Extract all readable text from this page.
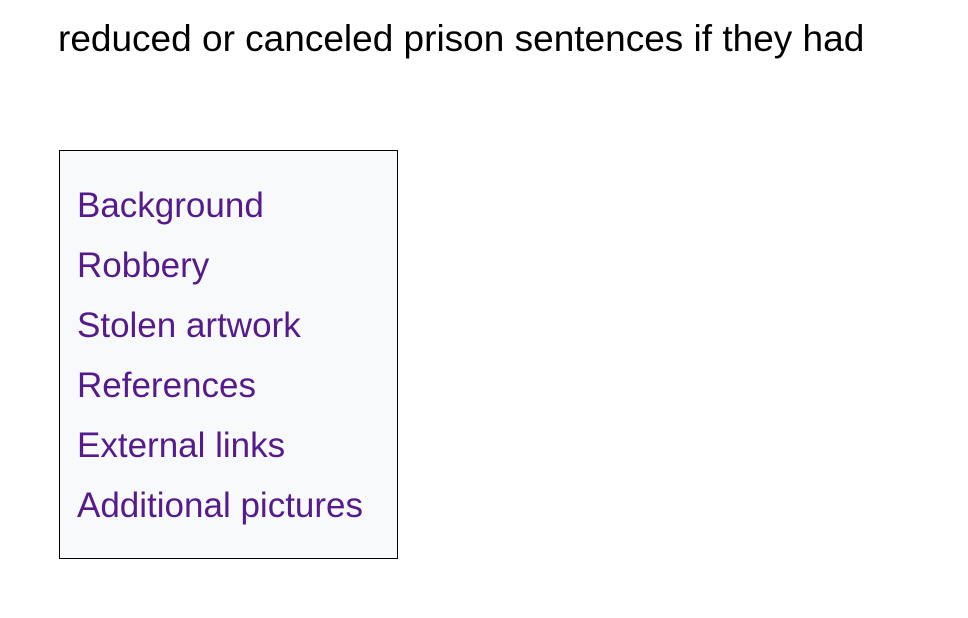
reduced or canceled prison sentences if they had

Background
Robbery
Stolen artwork
References
External links
Additional pictures
